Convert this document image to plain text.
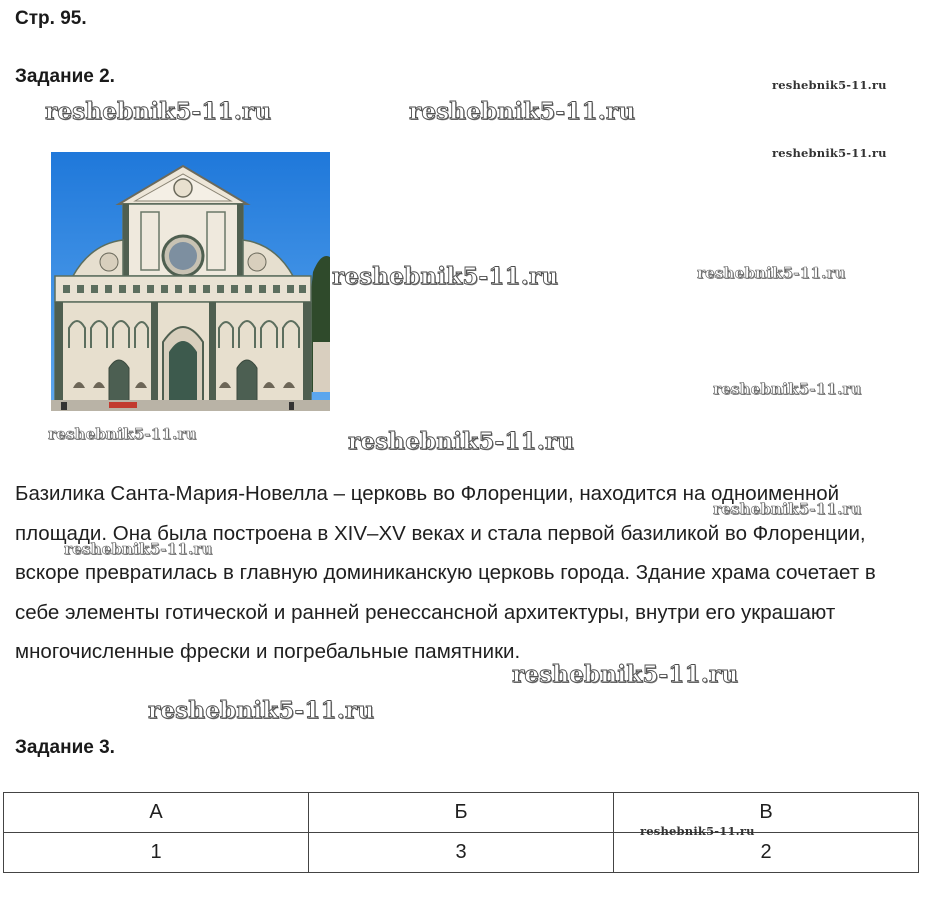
Стр. 95.
Задание 2.

Базилика Санта-Мария-Новелла – церковь во Флоренции, находится на одноименной площади. Она была построена в XIV–XV веках и стала первой базиликой во Флоренции, вскоре превратилась в главную доминиканскую церковь города. Здание храма сочетает в себе элементы готической и ранней ренессансной архитектуры, внутри его украшают многочисленные фрески и погребальные памятники.

Задание 3.
А	Б	В
1	3	2
reshebnik5-11.ru
reshebnik5-11.ru	reshebnik5-11.ru
reshebnik5-11.ru
reshebnik5-11.ru	reshebnik5-11.ru
reshebnik5-11.ru
reshebnik5-11.ru	reshebnik5-11.ru
reshebnik5-11.ru
reshebnik5-11.ru
reshebnik5-11.ru
reshebnik5-11.ru
reshebnik5-11.ru
